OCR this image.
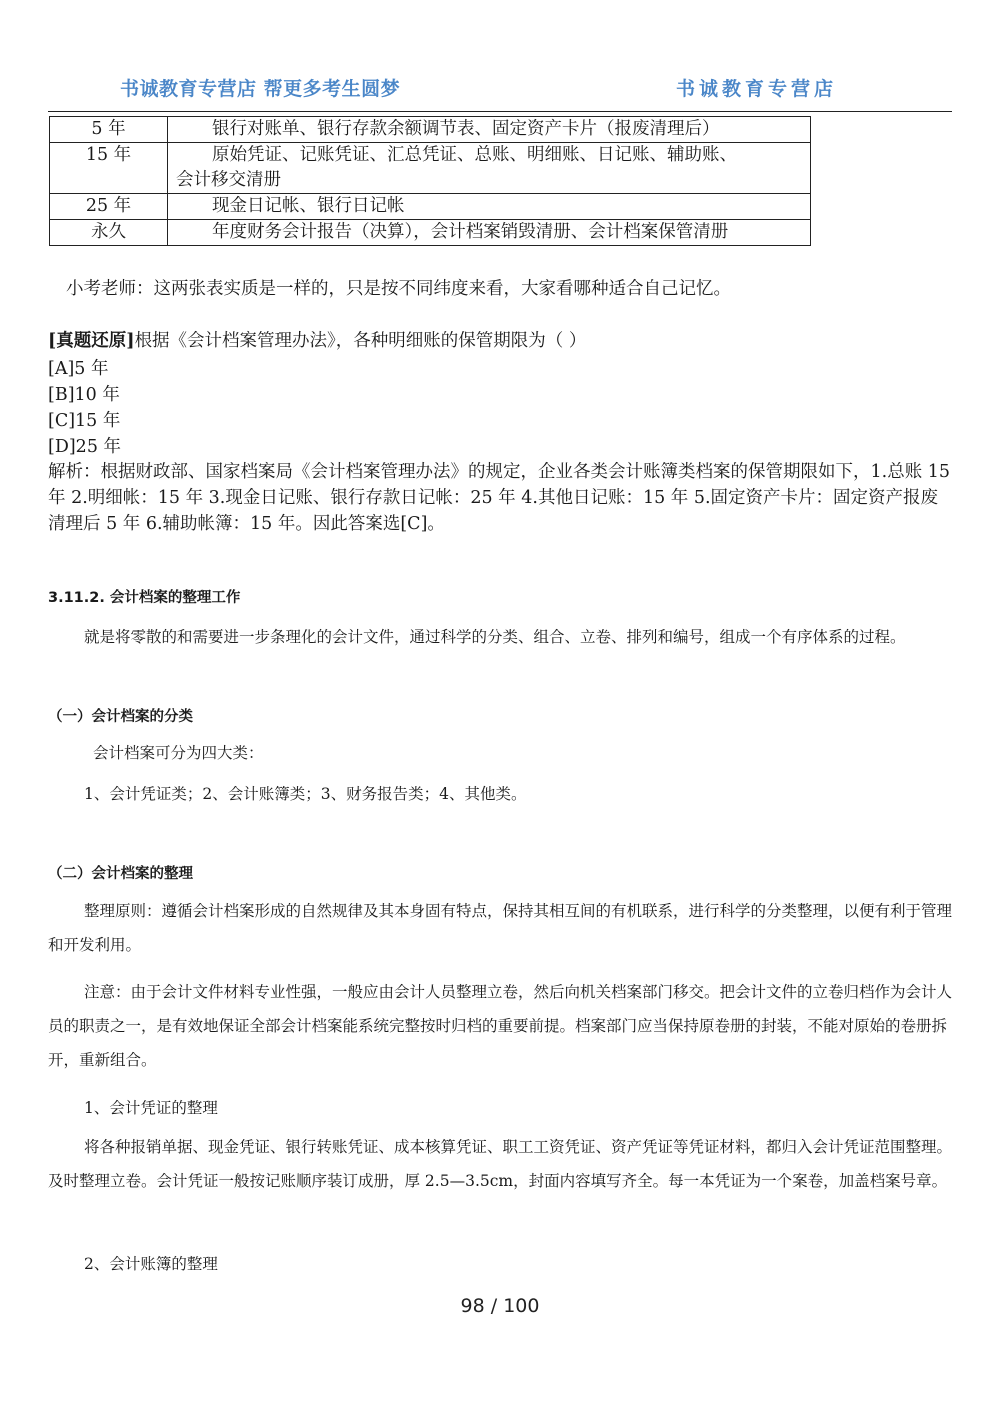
书诚教育专营店 帮更多考生圆梦	书诚教育专营店
5 年	银行对账单、银行存款余额调节表、固定资产卡片（报废清理后）

15 年	原始凭证、记账凭证、汇总凭证、总账、明细账、日记账、辅助账、
会计移交清册
25 年	现金日记帐、银行日记帐

永久	年度财务会计报告（决算），会计档案销毁清册、会计档案保管清册

小考老师：这两张表实质是一样的，只是按不同纬度来看，大家看哪种适合自己记忆。

[真题还原]根据《会计档案管理办法》，各种明细账的保管期限为（ ）

[A]5 年
[B]10 年
[C]15 年
[D]25 年

解析：根据财政部、国家档案局《会计档案管理办法》的规定，企业各类会计账簿类档案的保管期限如下，1.总账 15 年 2.明细帐：15 年 3.现金日记账、银行存款日记帐：25 年 4.其他日记账：15 年 5.固定资产卡片：固定资产报废清理后 5 年 6.辅助帐簿：15 年。因此答案选[C]。

3.11.2. 会计档案的整理工作

就是将零散的和需要进一步条理化的会计文件，通过科学的分类、组合、立卷、排列和编号，组成一个有序体系的过程。

（一）会计档案的分类

会计档案可分为四大类：

1、会计凭证类；2、会计账簿类；3、财务报告类；4、其他类。

（二）会计档案的整理

整理原则：遵循会计档案形成的自然规律及其本身固有特点，保持其相互间的有机联系，进行科学的分类整理，以便有利于管理和开发利用。

注意：由于会计文件材料专业性强，一般应由会计人员整理立卷，然后向机关档案部门移交。把会计文件的立卷归档作为会计人员的职责之一，是有效地保证全部会计档案能系统完整按时归档的重要前提。档案部门应当保持原卷册的封装，不能对原始的卷册拆开，重新组合。

1、会计凭证的整理

将各种报销单据、现金凭证、银行转账凭证、成本核算凭证、职工工资凭证、资产凭证等凭证材料，都归入会计凭证范围整理。及时整理立卷。会计凭证一般按记账顺序装订成册，厚 2.5—3.5cm，封面内容填写齐全。每一本凭证为一个案卷，加盖档案号章。

2、会计账簿的整理

98 / 100
